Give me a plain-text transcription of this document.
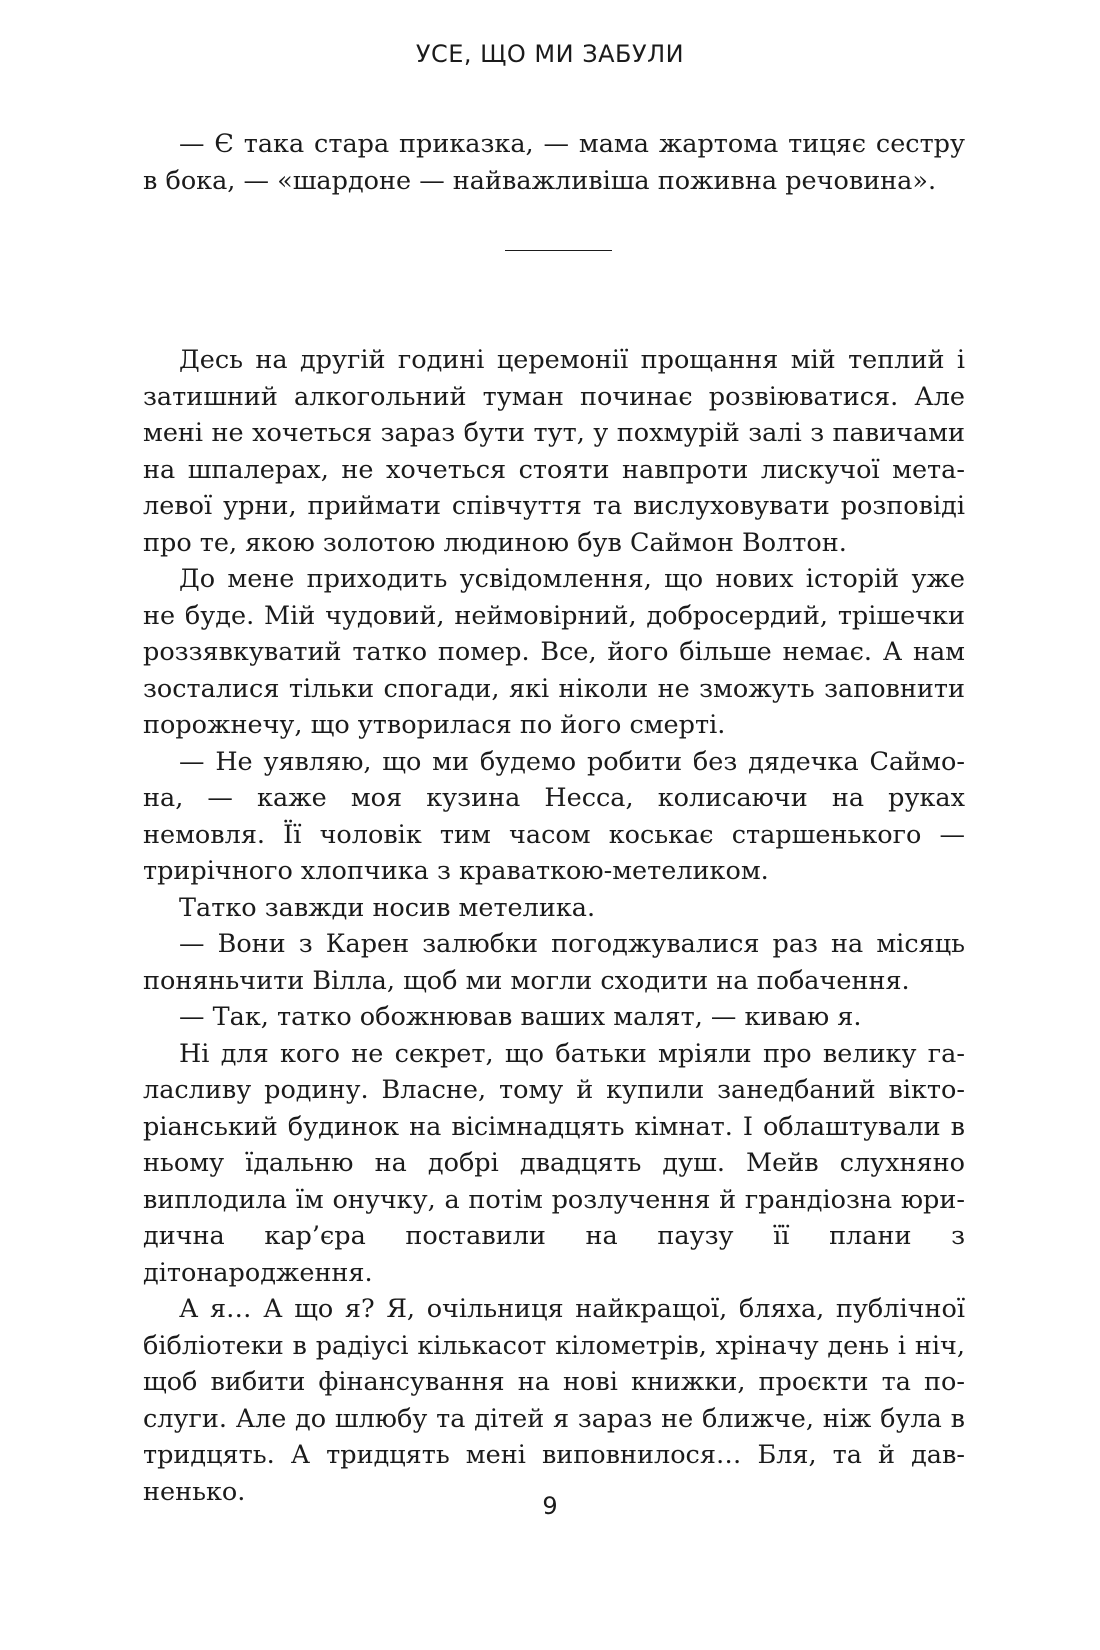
УСЕ, ЩО МИ ЗАБУЛИ

— Є така стара приказка, — мама жартома тицяє сестру в бока, — «шардоне — найважливіша поживна речовина».

Десь на другій годині церемонії прощання мій теплий і затишний алкогольний туман починає розвіюватися. Але мені не хочеться зараз бути тут, у похмурій залі з павичами на шпалерах, не хочеться стояти навпроти лискучої металевої урни, приймати співчуття та вислуховувати розповіді про те, якою золотою людиною був Саймон Волтон.

До мене приходить усвідомлення, що нових історій уже не буде. Мій чудовий, неймовірний, добросердий, трішечки роззявкуватий татко помер. Все, його більше немає. А нам зосталися тільки спогади, які ніколи не зможуть заповнити порожнечу, що утворилася по його смерті.

— Не уявляю, що ми будемо робити без дядечка Саймона, — каже моя кузина Несса, колисаючи на руках немовля. Її чоловік тим часом коськає старшенького — трирічного хлопчика з краваткою-метеликом.

Татко завжди носив метелика.

— Вони з Карен залюбки погоджувалися раз на місяць поняньчити Вілла, щоб ми могли сходити на побачення.

— Так, татко обожнював ваших малят, — киваю я.

Ні для кого не секрет, що батьки мріяли про велику галасливу родину. Власне, тому й купили занедбаний вікторіанський будинок на вісімнадцять кімнат. І облаштували в ньому їдальню на добрі двадцять душ. Мейв слухняно виплодила їм онучку, а потім розлучення й грандіозна юридична кар’єра поставили на паузу її плани з дітонародження.

А я… А що я? Я, очільниця найкращої, бляха, публічної бібліотеки в радіусі кількасот кілометрів, хріначу день і ніч, щоб вибити фінансування на нові книжки, проєкти та послуги. Але до шлюбу та дітей я зараз не ближче, ніж була в тридцять. А тридцять мені виповнилося… Бля, та й давненько.	9
